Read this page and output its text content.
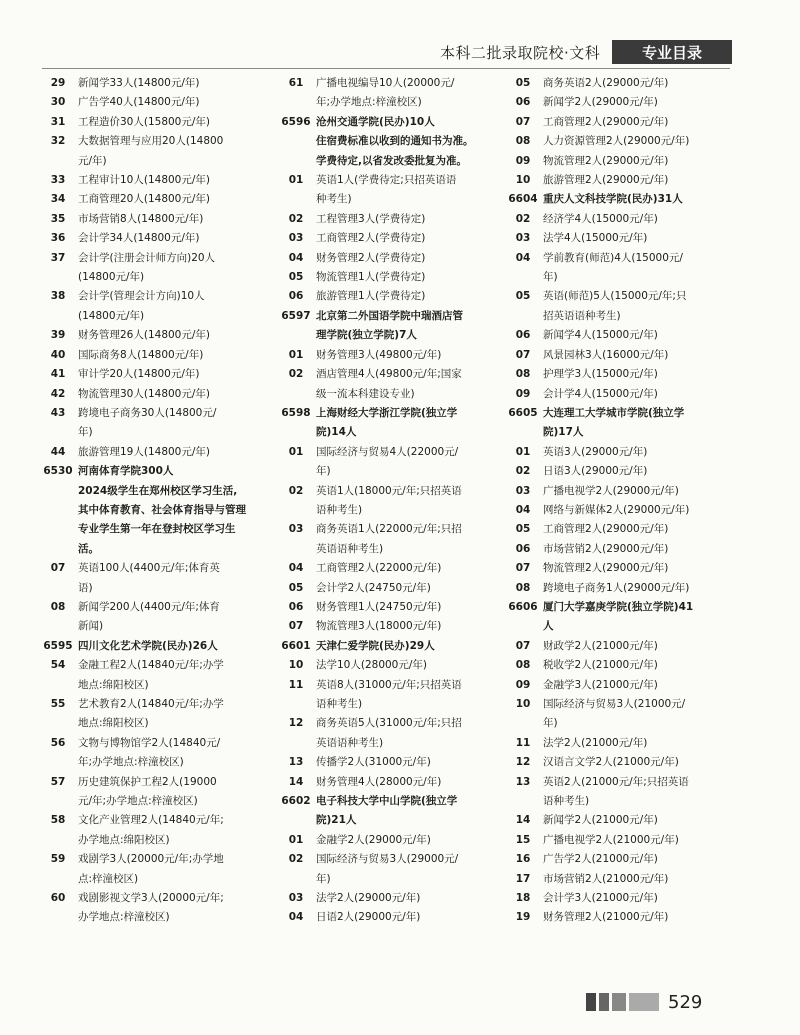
本科二批录取院校·文科	专业目录
29	新闻学33人(14800元/年)
30	广告学40人(14800元/年)
31	工程造价30人(15800元/年)
32	大数据管理与应用20人(14800
元/年)
33	工程审计10人(14800元/年)
34	工商管理20人(14800元/年)
35	市场营销8人(14800元/年)
36	会计学34人(14800元/年)
37	会计学(注册会计师方向)20人
(14800元/年)
38	会计学(管理会计方向)10人
(14800元/年)
39	财务管理26人(14800元/年)
40	国际商务8人(14800元/年)
41	审计学20人(14800元/年)
42	物流管理30人(14800元/年)
43	跨境电子商务30人(14800元/
年)
44	旅游管理19人(14800元/年)
6530 河南体育学院300人
2024级学生在郑州校区学习生活,
其中体育教育、社会体育指导与管理
专业学生第一年在登封校区学习生
活。
07	英语100人(4400元/年;体育英
语)
08	新闻学200人(4400元/年;体育
新闻)
6595 四川文化艺术学院(民办)26人
54	金融工程2人(14840元/年;办学
地点:绵阳校区)
55	艺术教育2人(14840元/年;办学
地点:绵阳校区)
56	文物与博物馆学2人(14840元/
年;办学地点:梓潼校区)
57	历史建筑保护工程2人(19000
元/年;办学地点:梓潼校区)
58	文化产业管理2人(14840元/年;
办学地点:绵阳校区)
59	戏剧学3人(20000元/年;办学地
点:梓潼校区)
60	戏剧影视文学3人(20000元/年;
办学地点:梓潼校区)
61	广播电视编导10人(20000元/
年;办学地点:梓潼校区)
6596 沧州交通学院(民办)10人
住宿费标准以收到的通知书为准。
学费待定,以省发改委批复为准。
01	英语1人(学费待定;只招英语语
种考生)
02	工程管理3人(学费待定)
03	工商管理2人(学费待定)
04	财务管理2人(学费待定)
05	物流管理1人(学费待定)
06	旅游管理1人(学费待定)
6597 北京第二外国语学院中瑞酒店管
理学院(独立学院)7人
01	财务管理3人(49800元/年)
02	酒店管理4人(49800元/年;国家
级一流本科建设专业)
6598 上海财经大学浙江学院(独立学
院)14人
01	国际经济与贸易4人(22000元/
年)
02	英语1人(18000元/年;只招英语
语种考生)
03	商务英语1人(22000元/年;只招
英语语种考生)
04	工商管理2人(22000元/年)
05	会计学2人(24750元/年)
06	财务管理1人(24750元/年)
07	物流管理3人(18000元/年)
6601 天津仁爱学院(民办)29人
10	法学10人(28000元/年)
11	英语8人(31000元/年;只招英语
语种考生)
12	商务英语5人(31000元/年;只招
英语语种考生)
13	传播学2人(31000元/年)
14	财务管理4人(28000元/年)
6602 电子科技大学中山学院(独立学
院)21人
01	金融学2人(29000元/年)
02	国际经济与贸易3人(29000元/
年)
03	法学2人(29000元/年)
04	日语2人(29000元/年)
05	商务英语2人(29000元/年)
06	新闻学2人(29000元/年)
07	工商管理2人(29000元/年)
08	人力资源管理2人(29000元/年)
09	物流管理2人(29000元/年)
10	旅游管理2人(29000元/年)
6604 重庆人文科技学院(民办)31人
02	经济学4人(15000元/年)
03	法学4人(15000元/年)
04	学前教育(师范)4人(15000元/
年)
05	英语(师范)5人(15000元/年;只
招英语语种考生)
06	新闻学4人(15000元/年)
07	风景园林3人(16000元/年)
08	护理学3人(15000元/年)
09	会计学4人(15000元/年)
6605 大连理工大学城市学院(独立学
院)17人
01	英语3人(29000元/年)
02	日语3人(29000元/年)
03	广播电视学2人(29000元/年)
04	网络与新媒体2人(29000元/年)
05	工商管理2人(29000元/年)
06	市场营销2人(29000元/年)
07	物流管理2人(29000元/年)
08	跨境电子商务1人(29000元/年)
6606 厦门大学嘉庚学院(独立学院)41
人
07	财政学2人(21000元/年)
08	税收学2人(21000元/年)
09	金融学3人(21000元/年)
10	国际经济与贸易3人(21000元/
年)
11	法学2人(21000元/年)
12	汉语言文学2人(21000元/年)
13	英语2人(21000元/年;只招英语
语种考生)
14	新闻学2人(21000元/年)
15	广播电视学2人(21000元/年)
16	广告学2人(21000元/年)
17	市场营销2人(21000元/年)
18	会计学3人(21000元/年)
19	财务管理2人(21000元/年)
529
